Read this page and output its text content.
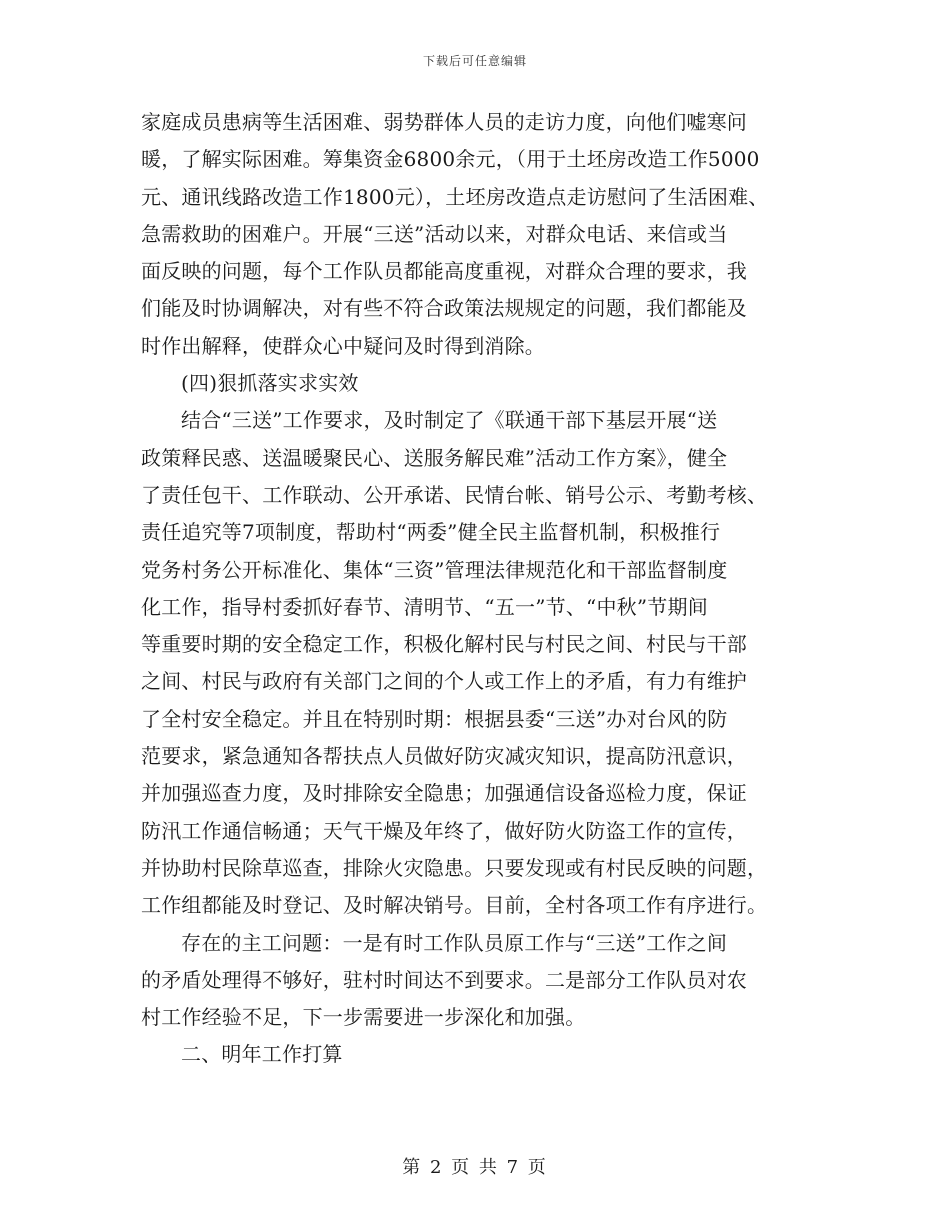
下载后可任意编辑

家庭成员患病等生活困难、弱势群体人员的走访力度，向他们嘘寒问

暖，了解实际困难。筹集资金6800余元，（用于土坯房改造工作5000

元、通讯线路改造工作1800元），土坯房改造点走访慰问了生活困难、

急需救助的困难户。开展“三送”活动以来，对群众电话、来信或当

面反映的问题，每个工作队员都能高度重视，对群众合理的要求，我

们能及时协调解决，对有些不符合政策法规规定的问题，我们都能及

时作出解释，使群众心中疑问及时得到消除。

(四)狠抓落实求实效

结合“三送”工作要求，及时制定了《联通干部下基层开展“送

政策释民惑、送温暖聚民心、送服务解民难”活动工作方案》，健全

了责任包干、工作联动、公开承诺、民情台帐、销号公示、考勤考核、

责任追究等7项制度，帮助村“两委”健全民主监督机制，积极推行

党务村务公开标准化、集体“三资”管理法律规范化和干部监督制度

化工作，指导村委抓好春节、清明节、“五一”节、“中秋”节期间

等重要时期的安全稳定工作，积极化解村民与村民之间、村民与干部

之间、村民与政府有关部门之间的个人或工作上的矛盾，有力有维护

了全村安全稳定。并且在特别时期：根据县委“三送”办对台风的防

范要求，紧急通知各帮扶点人员做好防灾减灾知识，提高防汛意识，

并加强巡查力度，及时排除安全隐患；加强通信设备巡检力度，保证

防汛工作通信畅通；天气干燥及年终了，做好防火防盗工作的宣传，

并协助村民除草巡查，排除火灾隐患。只要发现或有村民反映的问题，

工作组都能及时登记、及时解决销号。目前，全村各项工作有序进行。

存在的主工问题：一是有时工作队员原工作与“三送”工作之间

的矛盾处理得不够好，驻村时间达不到要求。二是部分工作队员对农

村工作经验不足，下一步需要进一步深化和加强。

二、明年工作打算

第 2 页 共 7 页
